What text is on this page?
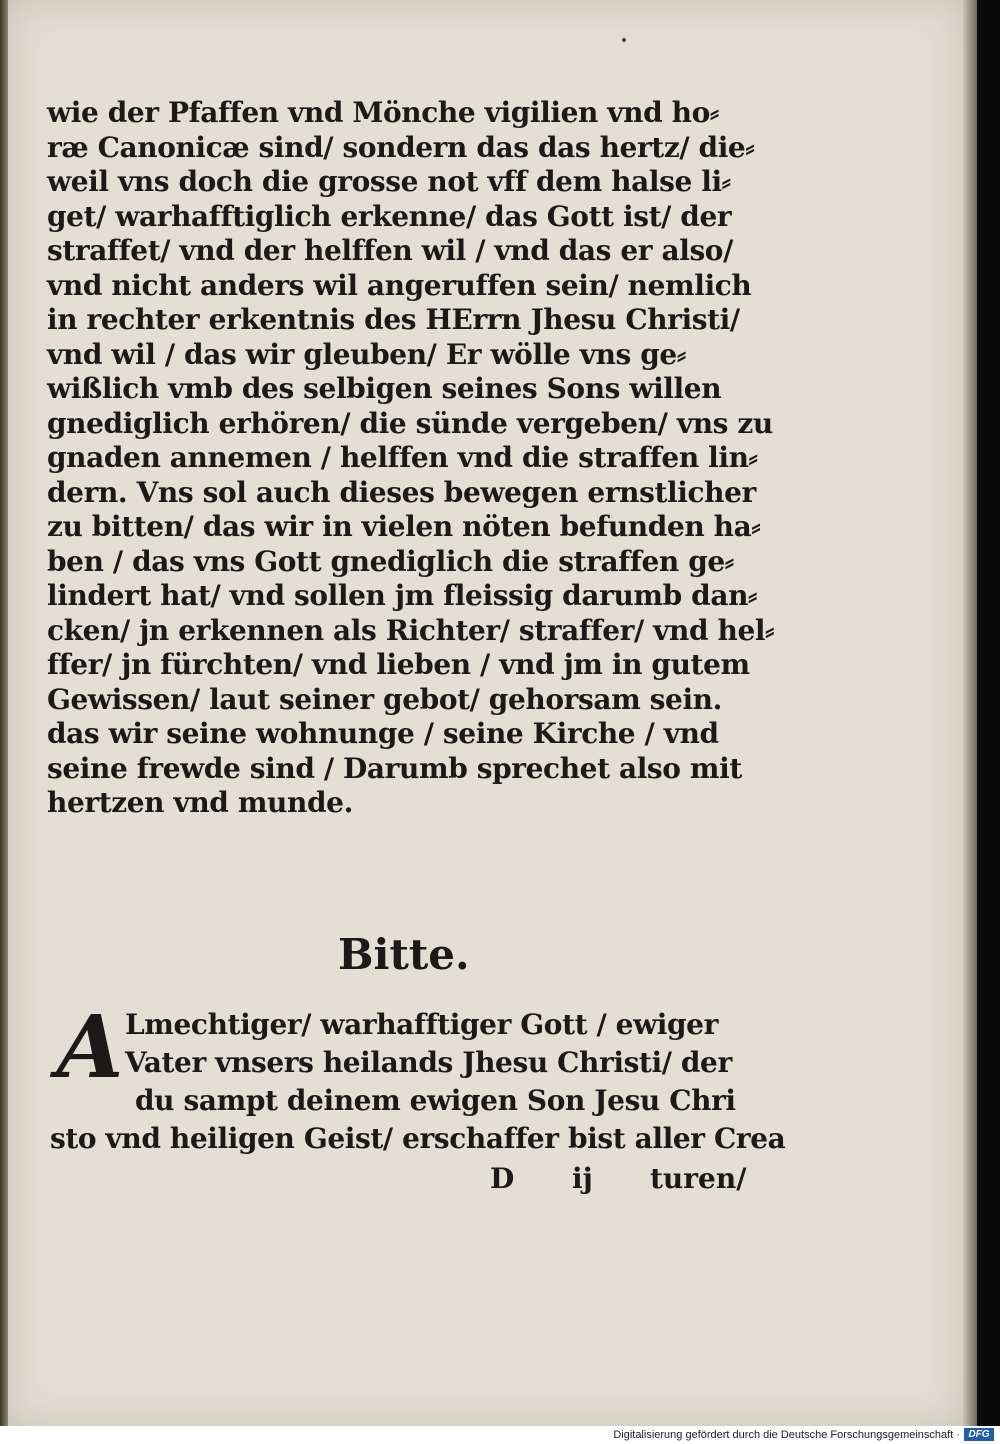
wie der Pfaffen vnd Mönche vigilien vnd ho⸗
ræ Canonicæ sind/ sondern das das hertz/ die⸗
weil vns doch die grosse not vff dem halse li⸗
get/ warhafftiglich erkenne/ das Gott ist/ der
straffet/ vnd der helffen wil / vnd das er also/
vnd nicht anders wil angeruffen sein/ nemlich
in rechter erkentnis des HErrn Jhesu Christi/
vnd wil / das wir gleuben/ Er wölle vns ge⸗
wißlich vmb des selbigen seines Sons willen
gnediglich erhören/ die sünde vergeben/ vns zu
gnaden annemen / helffen vnd die straffen lin⸗
dern. Vns sol auch dieses bewegen ernstlicher
zu bitten/ das wir in vielen nöten befunden ha⸗
ben / das vns Gott gnediglich die straffen ge⸗
lindert hat/ vnd sollen jm fleissig darumb dan⸗
cken/ jn erkennen als Richter/ straffer/ vnd hel⸗
ffer/ jn fürchten/ vnd lieben / vnd jm in gutem
Gewissen/ laut seiner gebot/ gehorsam sein.
das wir seine wohnunge / seine Kirche / vnd
seine frewde sind / Darumb sprechet also mit
hertzen vnd munde.
Bitte.
A Lmechtiger/ warhafftiger Gott / ewiger
Vater vnsers heilands Jhesu Christi/ der
du sampt deinem ewigen Son Jesu Chri
sto vnd heiligen Geist/ erschaffer bist aller Crea
D ij turen/
Digitalisierung gefördert durch die Deutsche Forschungsgemeinschaft · DFG
